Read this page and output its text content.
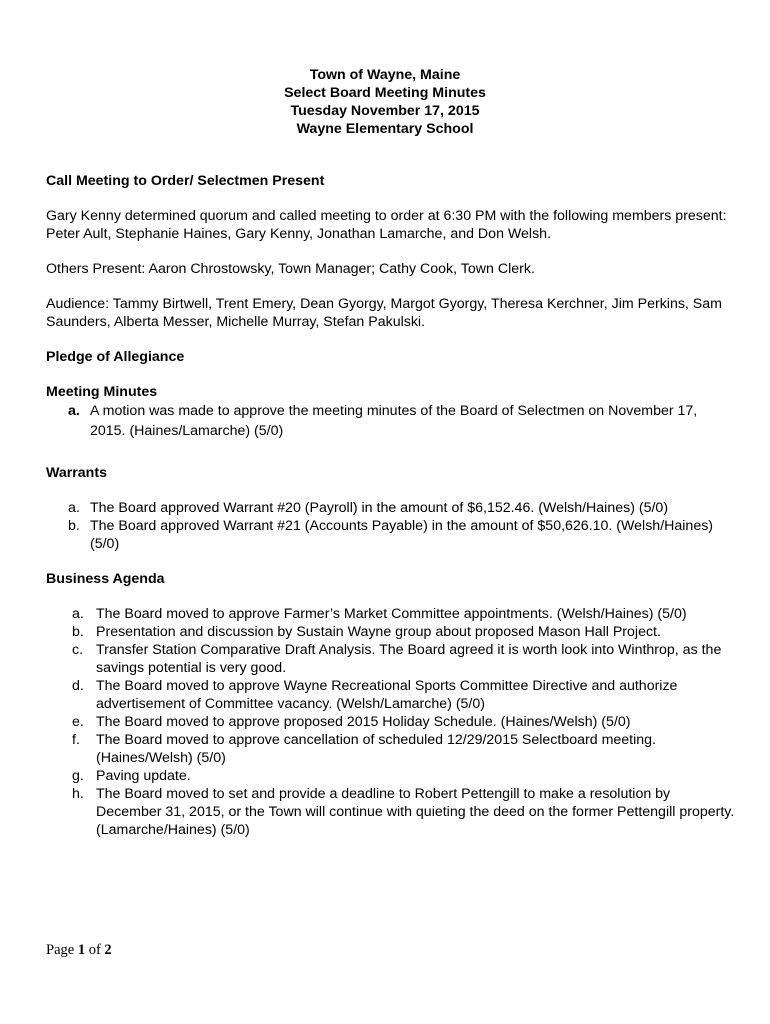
Town of Wayne, Maine
Select Board Meeting Minutes
Tuesday November 17, 2015
Wayne Elementary School
Call Meeting to Order/ Selectmen Present

Gary Kenny determined quorum and called meeting to order at 6:30 PM with the following members present: Peter Ault, Stephanie Haines, Gary Kenny, Jonathan Lamarche, and Don Welsh.

Others Present: Aaron Chrostowsky, Town Manager; Cathy Cook, Town Clerk.

Audience: Tammy Birtwell, Trent Emery, Dean Gyorgy, Margot Gyorgy, Theresa Kerchner, Jim Perkins, Sam Saunders, Alberta Messer, Michelle Murray, Stefan Pakulski.

Pledge of Allegiance
Meeting Minutes
a. A motion was made to approve the meeting minutes of the Board of Selectmen on November 17, 2015. (Haines/Lamarche) (5/0)
Warrants
a. The Board approved Warrant #20 (Payroll) in the amount of $6,152.46. (Welsh/Haines) (5/0)
b. The Board approved Warrant #21 (Accounts Payable) in the amount of $50,626.10. (Welsh/Haines) (5/0)
Business Agenda
a. The Board moved to approve Farmer’s Market Committee appointments. (Welsh/Haines) (5/0)
b. Presentation and discussion by Sustain Wayne group about proposed Mason Hall Project.
c. Transfer Station Comparative Draft Analysis. The Board agreed it is worth look into Winthrop, as the savings potential is very good.
d. The Board moved to approve Wayne Recreational Sports Committee Directive and authorize advertisement of Committee vacancy. (Welsh/Lamarche) (5/0)
e. The Board moved to approve proposed 2015 Holiday Schedule. (Haines/Welsh) (5/0)
f.	The Board moved to approve cancellation of scheduled 12/29/2015 Selectboard meeting. (Haines/Welsh) (5/0)
g. Paving update.
h. The Board moved to set and provide a deadline to Robert Pettengill to make a resolution by December 31, 2015, or the Town will continue with quieting the deed on the former Pettengill property. (Lamarche/Haines) (5/0)
Page 1 of 2
